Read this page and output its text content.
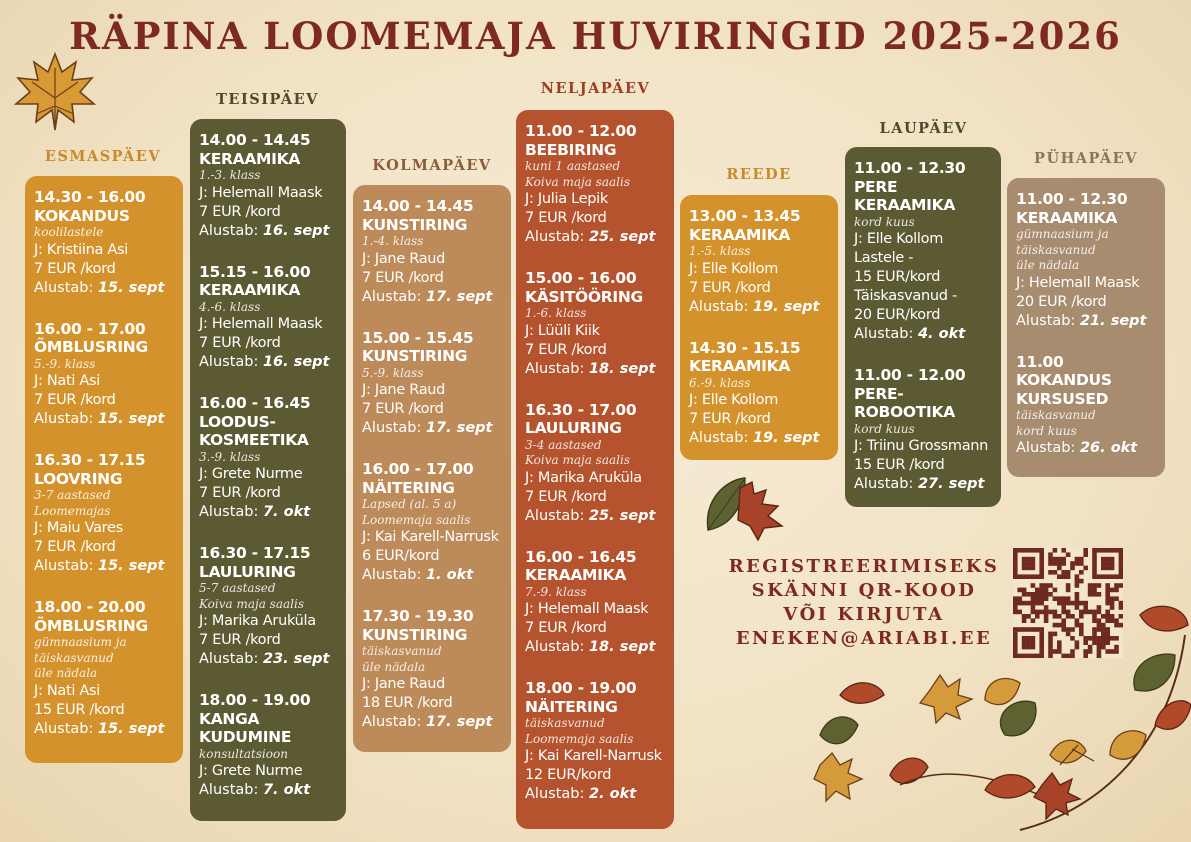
RÄPINA LOOMEMAJA HUVIRINGID 2025-2026
ESMASPÄEV
TEISIPÄEV
KOLMAPÄEV
NELJAPÄEV
REEDE
LAUPÄEV
PÜHAPÄEV
14.30 - 16.00
KOKANDUS
koolilastele
J: Kristiina Asi
7 EUR /kord
Alustab: 15. sept
16.00 - 17.00
ÕMBLUSRING
5.-9. klass
J: Nati Asi
7 EUR /kord
Alustab: 15. sept
16.30 - 17.15
LOOVRING
3-7 aastased
Loomemajas
J: Maiu Vares
7 EUR /kord
Alustab: 15. sept
18.00 - 20.00
ÕMBLUSRING
gümnaasium ja
täiskasvanud
üle nädala
J: Nati Asi
15 EUR /kord
Alustab: 15. sept
14.00 - 14.45
KERAAMIKA
1.-3. klass
J: Helemall Maask
7 EUR /kord
Alustab: 16. sept
15.15 - 16.00
KERAAMIKA
4.-6. klass
J: Helemall Maask
7 EUR /kord
Alustab: 16. sept
16.00 - 16.45
LOODUS-
KOSMEETIKA
3.-9. klass
J: Grete Nurme
7 EUR /kord
Alustab: 7. okt
16.30 - 17.15
LAULURING
5-7 aastased
Koiva maja saalis
J: Marika Aruküla
7 EUR /kord
Alustab: 23. sept
18.00 - 19.00
KANGA
KUDUMINE
konsultatsioon
J: Grete Nurme
Alustab: 7. okt
14.00 - 14.45
KUNSTIRING
1.-4. klass
J: Jane Raud
7 EUR /kord
Alustab: 17. sept
15.00 - 15.45
KUNSTIRING
5.-9. klass
J: Jane Raud
7 EUR /kord
Alustab: 17. sept
16.00 - 17.00
NÄITERING
Lapsed (al. 5 a)
Loomemaja saalis
J: Kai Karell-Narrusk
6 EUR/kord
Alustab: 1. okt
17.30 - 19.30
KUNSTIRING
täiskasvanud
üle nädala
J: Jane Raud
18 EUR /kord
Alustab: 17. sept
11.00 - 12.00
BEEBIRING
kuni 1 aastased
Koiva maja saalis
J: Julia Lepik
7 EUR /kord
Alustab: 25. sept
15.00 - 16.00
KÄSITÖÖRING
1.-6. klass
J: Lüüli Kiik
7 EUR /kord
Alustab: 18. sept
16.30 - 17.00
LAULURING
3-4 aastased
Koiva maja saalis
J: Marika Aruküla
7 EUR /kord
Alustab: 25. sept
16.00 - 16.45
KERAAMIKA
7.-9. klass
J: Helemall Maask
7 EUR /kord
Alustab: 18. sept
18.00 - 19.00
NÄITERING
täiskasvanud
Loomemaja saalis
J: Kai Karell-Narrusk
12 EUR/kord
Alustab: 2. okt
13.00 - 13.45
KERAAMIKA
1.-5. klass
J: Elle Kollom
7 EUR /kord
Alustab: 19. sept
14.30 - 15.15
KERAAMIKA
6.-9. klass
J: Elle Kollom
7 EUR /kord
Alustab: 19. sept
11.00 - 12.30
PERE
KERAAMIKA
kord kuus
J: Elle Kollom
Lastele -
15 EUR/kord
Täiskasvanud -
20 EUR/kord
Alustab: 4. okt
11.00 - 12.00
PERE-
ROBOOTIKA
kord kuus
J: Triinu Grossmann
15 EUR /kord
Alustab: 27. sept
11.00 - 12.30
KERAAMIKA
gümnaasium ja
täiskasvanud
üle nädala
J: Helemall Maask
20 EUR /kord
Alustab: 21. sept
11.00
KOKANDUS
KURSUSED
täiskasvanud
kord kuus
Alustab: 26. okt
REGISTREERIMISEKS
SKÄNNI QR-KOOD
VÕI KIRJUTA
ENEKEN@ARIABI.EE
